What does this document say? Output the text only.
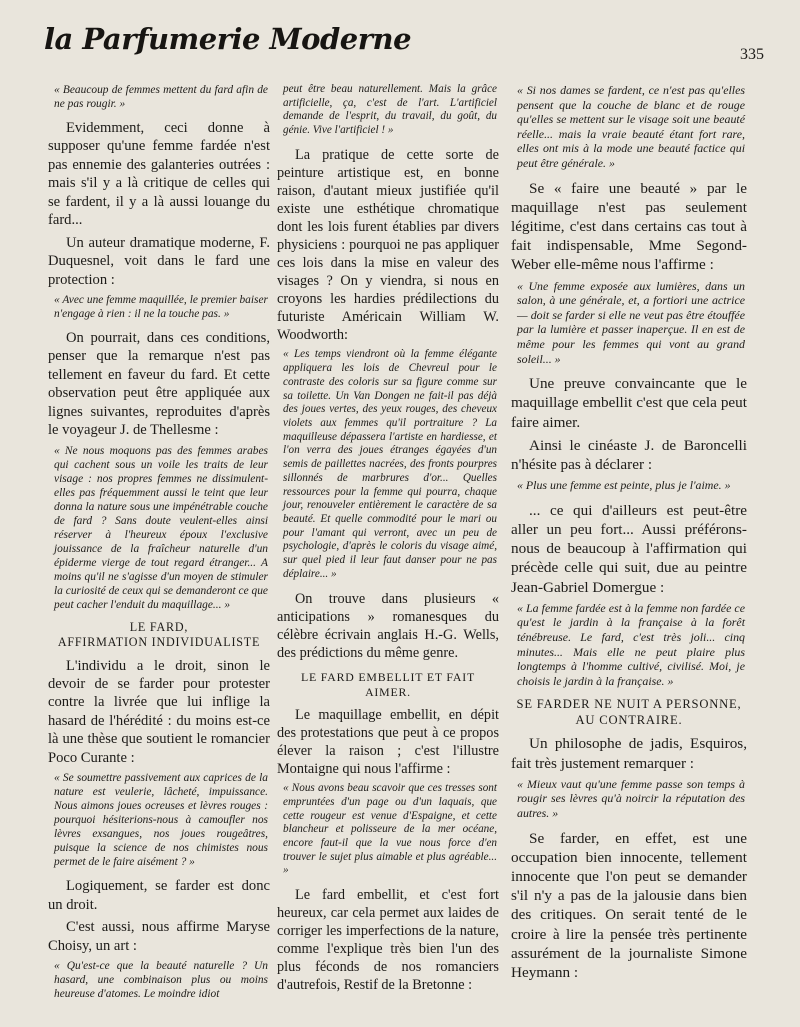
la Parfumerie Moderne	335

« Beaucoup de femmes mettent du fard afin de ne pas rougir. »

Evidemment, ceci donne à supposer qu'une femme fardée n'est pas ennemie des galanteries outrées : mais s'il y a là critique de celles qui se fardent, il y a là aussi louange du fard...

Un auteur dramatique moderne, F. Duquesnel, voit dans le fard une protection :

« Avec une femme maquillée, le premier baiser n'engage à rien : il ne la touche pas. »

On pourrait, dans ces conditions, penser que la remarque n'est pas tellement en faveur du fard. Et cette observation peut être appliquée aux lignes suivantes, reproduites d'après le voyageur J. de Thellesme :

« Ne nous moquons pas des femmes arabes qui cachent sous un voile les traits de leur visage : nos propres femmes ne dissimulent-elles pas fréquemment aussi le teint que leur donna la nature sous une impénétrable couche de fard ? Sans doute veulent-elles ainsi réserver à l'heureux époux l'exclusive jouissance de la fraîcheur naturelle d'un épiderme vierge de tout regard étranger... A moins qu'il ne s'agisse d'un moyen de stimuler la curiosité de ceux qui se demanderont ce que peut cacher l'enduit du maquillage... »

LE FARD,
AFFIRMATION INDIVIDUALISTE

L'individu a le droit, sinon le devoir de se farder pour protester contre la livrée que lui inflige la hasard de l'hérédité : du moins est-ce là une thèse que soutient le romancier Poco Curante :

« Se soumettre passivement aux caprices de la nature est veulerie, lâcheté, impuissance. Nous aimons joues ocreuses et lèvres rouges : pourquoi hésiterions-nous à camoufler nos lèvres exsangues, nos joues rougeâtres, puisque la science de nos chimistes nous permet de le faire aisément ? »

Logiquement, se farder est donc un droit.

C'est aussi, nous affirme Maryse Choisy, un art :

« Qu'est-ce que la beauté naturelle ? Un hasard, une combinaison plus ou moins heureuse d'atomes. Le moindre idiot

peut être beau naturellement. Mais la grâce artificielle, ça, c'est de l'art. L'artificiel demande de l'esprit, du travail, du goût, du génie. Vive l'artificiel ! »

La pratique de cette sorte de peinture artistique est, en bonne raison, d'autant mieux justifiée qu'il existe une esthétique chromatique dont les lois furent établies par divers physiciens : pourquoi ne pas appliquer ces lois dans la mise en valeur des visages ? On y viendra, si nous en croyons les hardies prédilections du futuriste Américain William W. Woodworth:

« Les temps viendront où la femme élégante appliquera les lois de Chevreul pour le contraste des coloris sur sa figure comme sur sa toilette. Un Van Dongen ne fait-il pas déjà des joues vertes, des yeux rouges, des cheveux violets aux femmes qu'il portraiture ? La maquilleuse dépassera l'artiste en hardiesse, et l'on verra des joues étranges égayées d'un semis de paillettes nacrées, des fronts pourpres sillonnés de marbrures d'or... Quelles ressources pour la femme qui pourra, chaque jour, renouveler entièrement le caractère de sa beauté. Et quelle commodité pour le mari ou pour l'amant qui verront, avec un peu de psychologie, d'après le coloris du visage aimé, sur quel pied il leur faut danser pour ne pas déplaire... »

On trouve dans plusieurs « anticipations » romanesques du célèbre écrivain anglais H.-G. Wells, des prédictions du même genre.

LE FARD EMBELLIT ET FAIT AIMER.

Le maquillage embellit, en dépit des protestations que peut à ce propos élever la raison ; c'est l'illustre Montaigne qui nous l'affirme :

« Nous avons beau scavoir que ces tresses sont empruntées d'un page ou d'un laquais, que cette rougeur est venue d'Espaigne, et cette blancheur et polisseure de la mer océane, encore faut-il que la vue nous force d'en trouver le sujet plus aimable et plus agréable... »

Le fard embellit, et c'est fort heureux, car cela permet aux laides de corriger les imperfections de la nature, comme l'explique très bien l'un des plus féconds de nos romanciers d'autrefois, Restif de la Bretonne :

« Si nos dames se fardent, ce n'est pas qu'elles pensent que la couche de blanc et de rouge qu'elles se mettent sur le visage soit une beauté réelle... mais la vraie beauté étant fort rare, elles ont mis à la mode une beauté factice qui peut être générale. »

Se « faire une beauté » par le maquillage n'est pas seulement légitime, c'est dans certains cas tout à fait indispensable, Mme Segond-Weber elle-même nous l'affirme :

« Une femme exposée aux lumières, dans un salon, à une générale, et, a fortiori une actrice — doit se farder si elle ne veut pas être étouffée par la lumière et passer inaperçue. Il en est de même pour les femmes qui vont au grand soleil... »

Une preuve convaincante que le maquillage embellit c'est que cela peut faire aimer.

Ainsi le cinéaste J. de Baroncelli n'hésite pas à déclarer :

« Plus une femme est peinte, plus je l'aime. »

... ce qui d'ailleurs est peut-être aller un peu fort... Aussi préférons-nous de beaucoup à l'affirmation qui précède celle qui suit, due au peintre Jean-Gabriel Domergue :

« La femme fardée est à la femme non fardée ce qu'est le jardin à la française à la forêt ténébreuse. Le fard, c'est très joli... cinq minutes... Mais elle ne peut plaire plus longtemps à l'homme cultivé, civilisé. Moi, je choisis le jardin à la française. »

SE FARDER NE NUIT A PERSONNE,
AU CONTRAIRE.

Un philosophe de jadis, Esquiros, fait très justement remarquer :

« Mieux vaut qu'une femme passe son temps à rougir ses lèvres qu'à noircir la réputation des autres. »

Se farder, en effet, est une occupation bien innocente, tellement innocente que l'on peut se demander s'il n'y a pas de la jalousie dans bien des critiques. On serait tenté de le croire à lire la pensée très pertinente assurément de la journaliste Simone Heymann :
